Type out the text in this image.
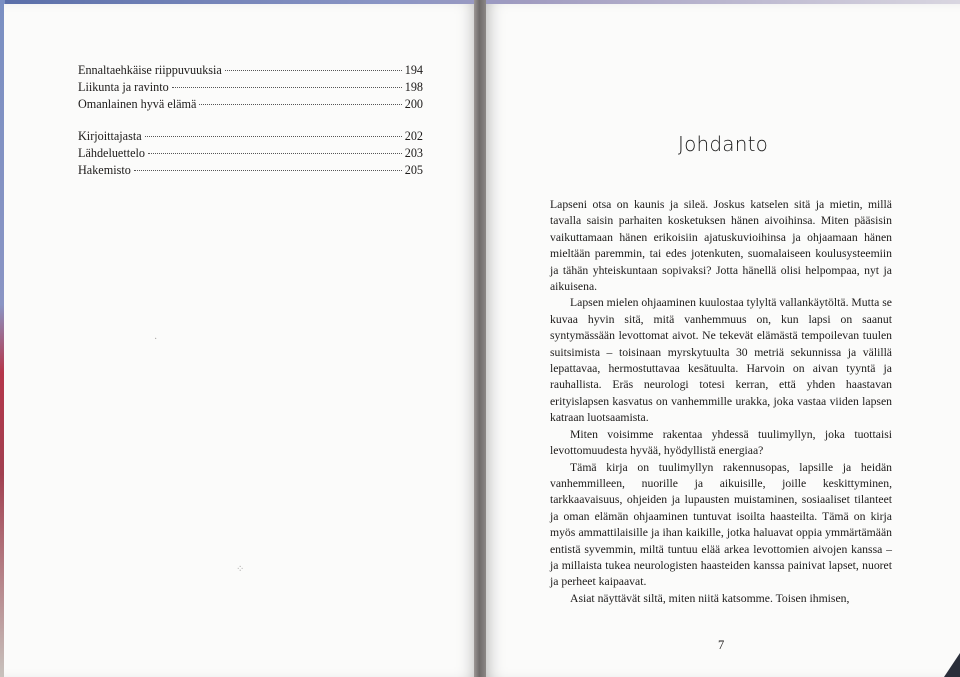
Ennaltaehkäise riippuvuuksia	194
Liikunta ja ravinto	198
Omanlainen hyvä elämä	200
Kirjoittajasta	202
Lähdeluettelo	203
Hakemisto	205
⁘
·
Johdanto

Lapseni otsa on kaunis ja sileä. Joskus katselen sitä ja mietin, millä tavalla saisin parhaiten kosketuksen hänen aivoihinsa. Miten pääsisin vaikuttamaan hänen erikoisiin ajatuskuvioihinsa ja ohjaamaan hänen mieltään paremmin, tai edes jotenkuten, suomalaiseen koulusysteemiin ja tähän yhteiskuntaan sopivaksi? Jotta hänellä olisi helpompaa, nyt ja aikuisena.

Lapsen mielen ohjaaminen kuulostaa tylyltä vallankäytöltä. Mutta se kuvaa hyvin sitä, mitä vanhemmuus on, kun lapsi on saanut syntymässään levottomat aivot. Ne tekevät elämästä tempoilevan tuulen suitsimista – toisinaan myrskytuulta 30 metriä sekunnissa ja välillä lepattavaa, hermostuttavaa kesätuulta. Harvoin on aivan tyyntä ja rauhallista. Eräs neurologi totesi kerran, että yhden haastavan erityislapsen kasvatus on vanhemmille urakka, joka vastaa viiden lapsen katraan luotsaamista.

Miten voisimme rakentaa yhdessä tuulimyllyn, joka tuottaisi levottomuudesta hyvää, hyödyllistä energiaa?

Tämä kirja on tuulimyllyn rakennusopas, lapsille ja heidän vanhemmilleen, nuorille ja aikuisille, joille keskittyminen, tarkkaavaisuus, ohjeiden ja lupausten muistaminen, sosiaaliset tilanteet ja oman elämän ohjaaminen tuntuvat isoilta haasteilta. Tämä on kirja myös ammattilaisille ja ihan kaikille, jotka haluavat oppia ymmärtämään entistä syvemmin, miltä tuntuu elää arkea levottomien aivojen kanssa – ja millaista tukea neurologisten haasteiden kanssa painivat lapset, nuoret ja perheet kaipaavat.

Asiat näyttävät siltä, miten niitä katsomme. Toisen ihmisen,

7
